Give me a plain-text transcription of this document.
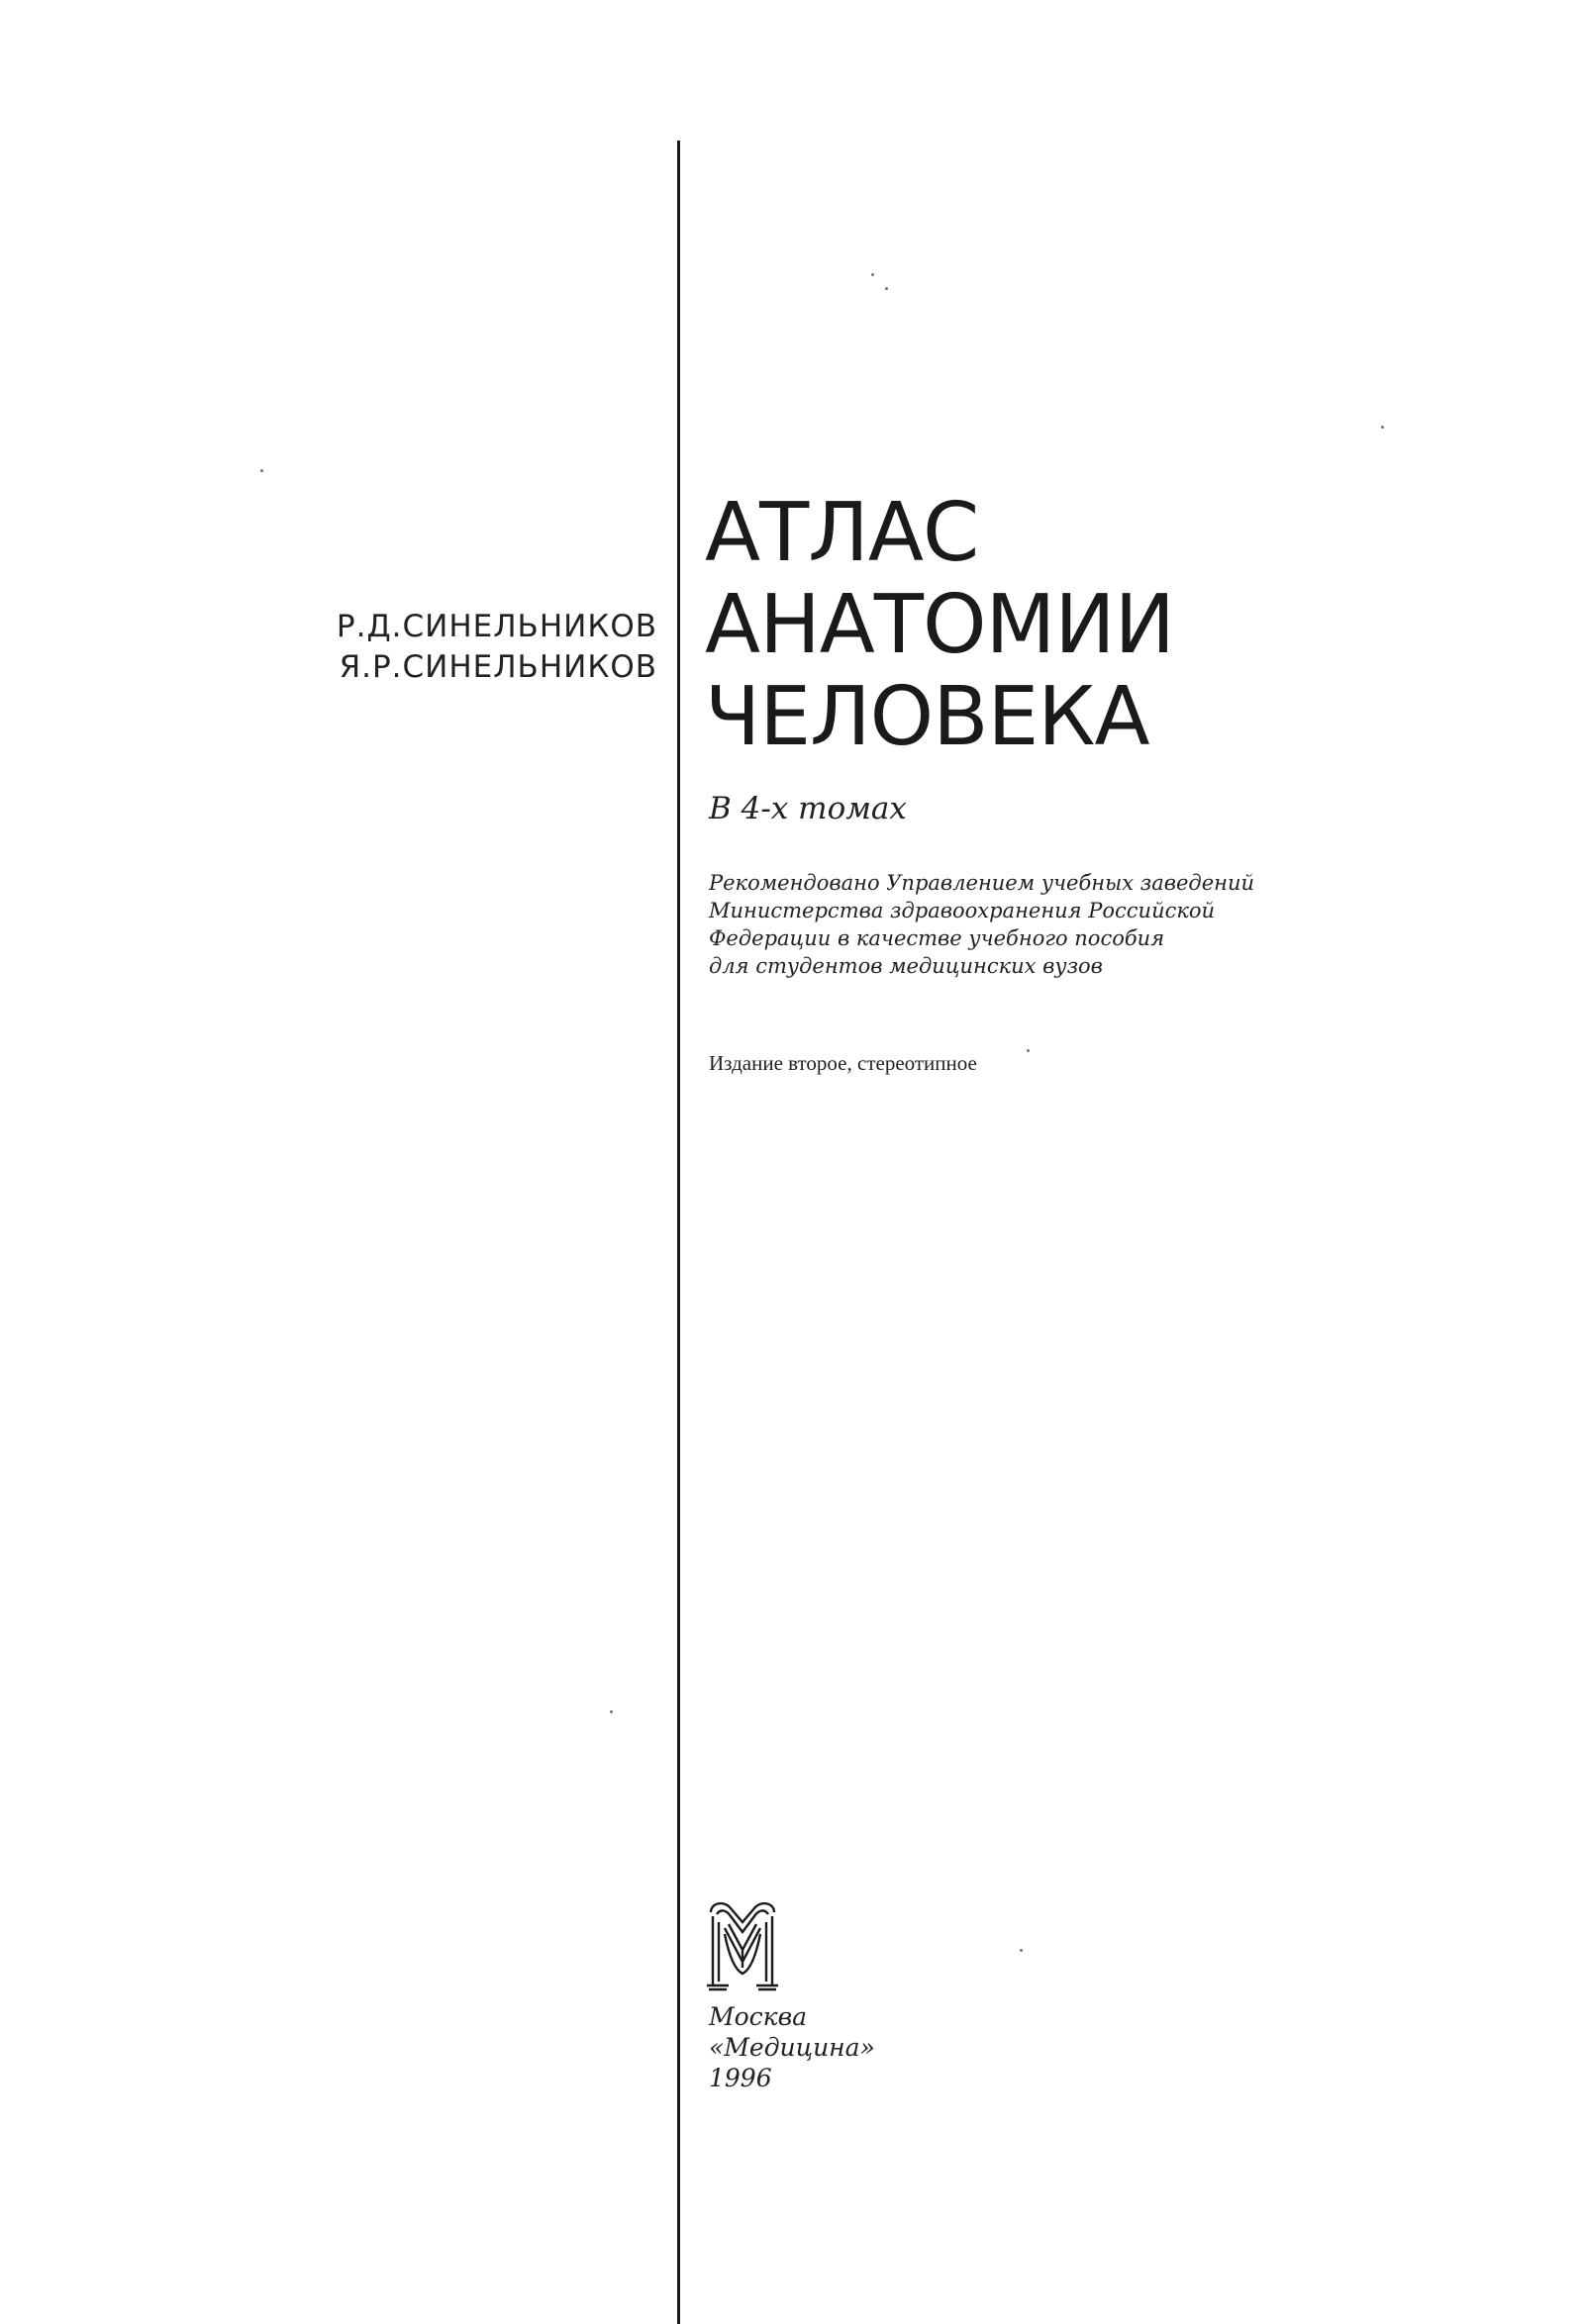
Р.Д.СИНЕЛЬНИКОВ
Я.Р.СИНЕЛЬНИКОВ
АТЛАС
АНАТОМИИ
ЧЕЛОВЕКА
В 4-х томах
Рекомендовано Управлением учебных заведений
Министерства здравоохранения Российской
Федерации в качестве учебного пособия
для студентов медицинских вузов
Издание второе, стереотипное
Москва
«Медицина»
1996
